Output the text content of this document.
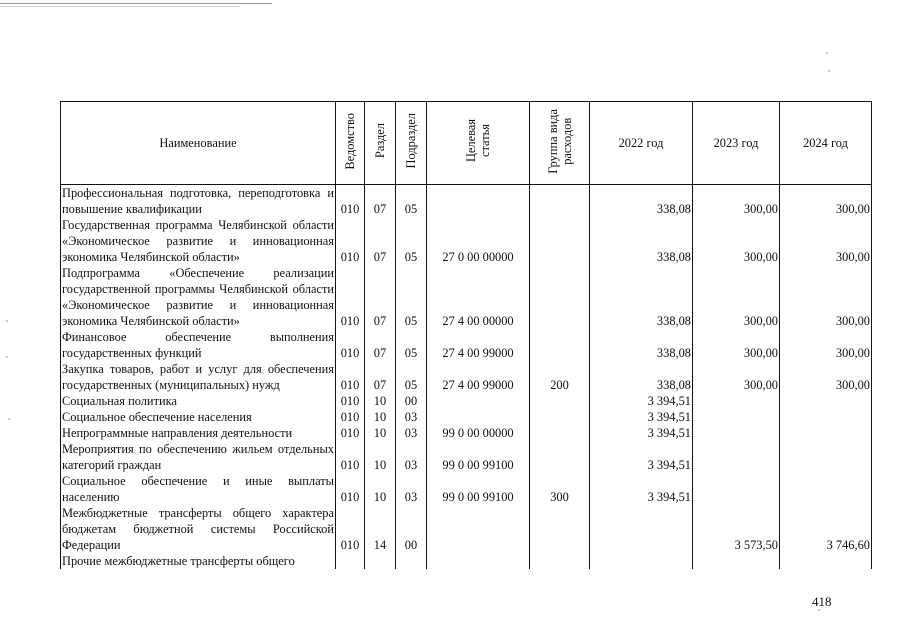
Наименование	Ведомство	Раздел	Подраздел	Целевая
статья	Группа вида
расходов	2022 год	2023 год	2024 год
Профессиональная подготовка, переподготовка и повышение квалификации	010	07	05			338,08	300,00	300,00
Государственная программа Челябинской области «Экономическое развитие и инновационная экономика Челябинской области»	010	07	05	27 0 00 00000		338,08	300,00	300,00
Подпрограмма «Обеспечение реализации государственной программы Челябинской области «Экономическое развитие и инновационная экономика Челябинской области»	010	07	05	27 4 00 00000		338,08	300,00	300,00
Финансовое обеспечение выполнения государственных функций	010	07	05	27 4 00 99000		338,08	300,00	300,00
Закупка товаров, работ и услуг для обеспечения государственных (муниципальных) нужд	010	07	05	27 4 00 99000	200	338,08	300,00	300,00
Социальная политика	010	10	00			3 394,51		
Социальное обеспечение населения	010	10	03			3 394,51		
Непрограммные направления деятельности	010	10	03	99 0 00 00000		3 394,51		
Мероприятия по обеспечению жильем отдельных категорий граждан	010	10	03	99 0 00 99100		3 394,51		
Социальное обеспечение и иные выплаты населению	010	10	03	99 0 00 99100	300	3 394,51		
Межбюджетные трансферты общего характера бюджетам бюджетной системы Российской Федерации	010	14	00				3 573,50	3 746,60
Прочие межбюджетные трансферты общего								
418
